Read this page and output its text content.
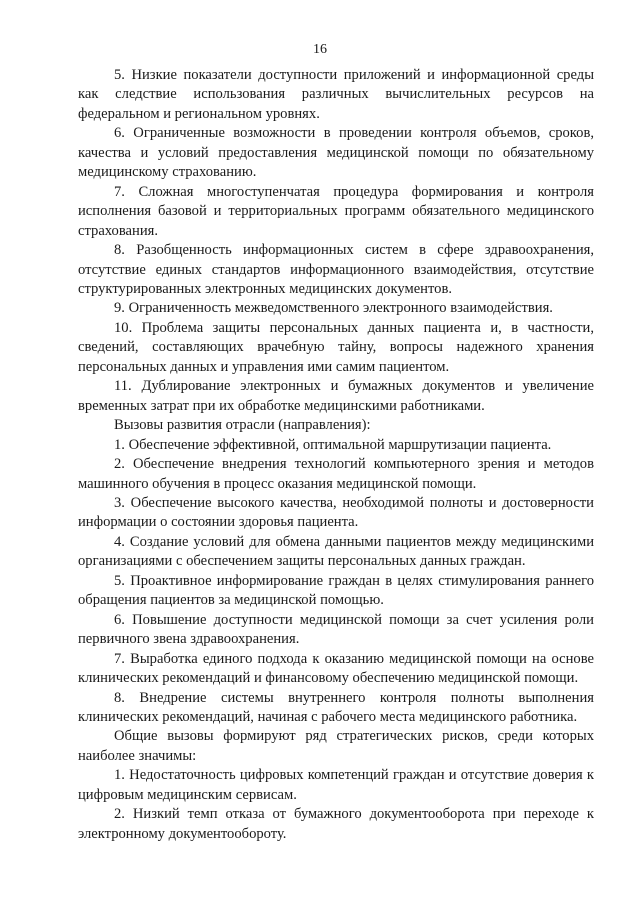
16

5. Низкие показатели доступности приложений и информационной среды как следствие использования различных вычислительных ресурсов на федеральном и региональном уровнях.

6. Ограниченные возможности в проведении контроля объемов, сроков, качества и условий предоставления медицинской помощи по обязательному медицинскому страхованию.

7. Сложная многоступенчатая процедура формирования и контроля исполнения базовой и территориальных программ обязательного медицинского страхования.

8. Разобщенность информационных систем в сфере здравоохранения, отсутствие единых стандартов информационного взаимодействия, отсутствие структурированных электронных медицинских документов.

9. Ограниченность межведомственного электронного взаимодействия.

10. Проблема защиты персональных данных пациента и, в частности, сведений, составляющих врачебную тайну, вопросы надежного хранения персональных данных и управления ими самим пациентом.

11. Дублирование электронных и бумажных документов и увеличение временных затрат при их обработке медицинскими работниками.

Вызовы развития отрасли (направления):

1. Обеспечение эффективной, оптимальной маршрутизации пациента.

2. Обеспечение внедрения технологий компьютерного зрения и методов машинного обучения в процесс оказания медицинской помощи.

3. Обеспечение высокого качества, необходимой полноты и достоверности информации о состоянии здоровья пациента.

4. Создание условий для обмена данными пациентов между медицинскими организациями с обеспечением защиты персональных данных граждан.

5. Проактивное информирование граждан в целях стимулирования раннего обращения пациентов за медицинской помощью.

6. Повышение доступности медицинской помощи за счет усиления роли первичного звена здравоохранения.

7. Выработка единого подхода к оказанию медицинской помощи на основе клинических рекомендаций и финансовому обеспечению медицинской помощи.

8. Внедрение системы внутреннего контроля полноты выполнения клинических рекомендаций, начиная с рабочего места медицинского работника.

Общие вызовы формируют ряд стратегических рисков, среди которых наиболее значимы:

1. Недостаточность цифровых компетенций граждан и отсутствие доверия к цифровым медицинским сервисам.

2. Низкий темп отказа от бумажного документооборота при переходе к электронному документообороту.
